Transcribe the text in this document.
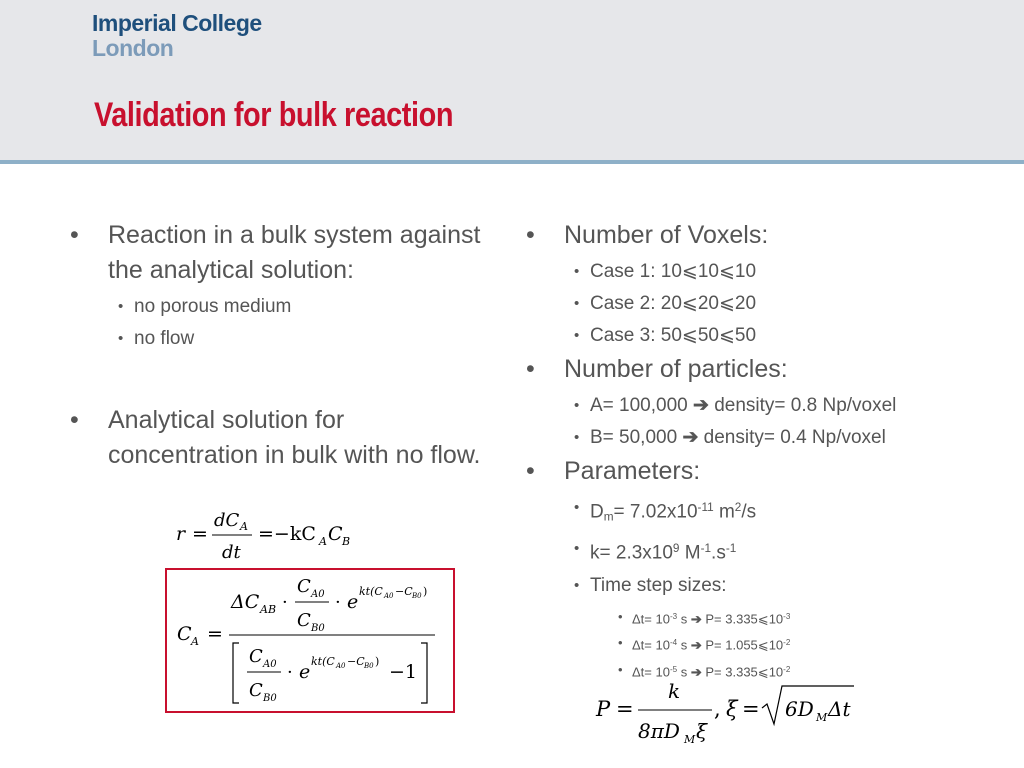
Imperial College
London
Validation for bulk reaction
• Reaction in a bulk system against the analytical solution:
• no porous medium
• no flow
• Analytical solution for concentration in bulk with no flow.
r =
dC A
dt
=−kC A C B
C A =
ΔC AB ·
C A0
C B0
· e kt(C A0 −C B0 )
C A0
C B0
· e kt(C A0 −C B0 ) −1
• Number of Voxels:
• Case 1: 10⩽10⩽10
• Case 2: 20⩽20⩽20
• Case 3: 50⩽50⩽50
• Number of particles:
• A= 100,000 ➔ density= 0.8 Np/voxel
• B= 50,000 ➔ density= 0.4 Np/voxel
• Parameters:
• $Dm= 7.02x10^{-11}$ $m^2/s$
• $k= 2.3x10^9$ $M^{-1}.s^{-1}$
• Time step sizes:
• $\Delta t= 10^{-3}$ s ➔ $P= 3.335⩽10^{-3}$
• $\Delta t= 10^{-4}$ s ➔ $P= 1.055⩽10^{-2}$
• $\Delta t= 10^{-5}$ s ➔ $P= 3.335⩽10^{-2}$
P =
k
8πD M ξ
, ξ = 6D M Δt
